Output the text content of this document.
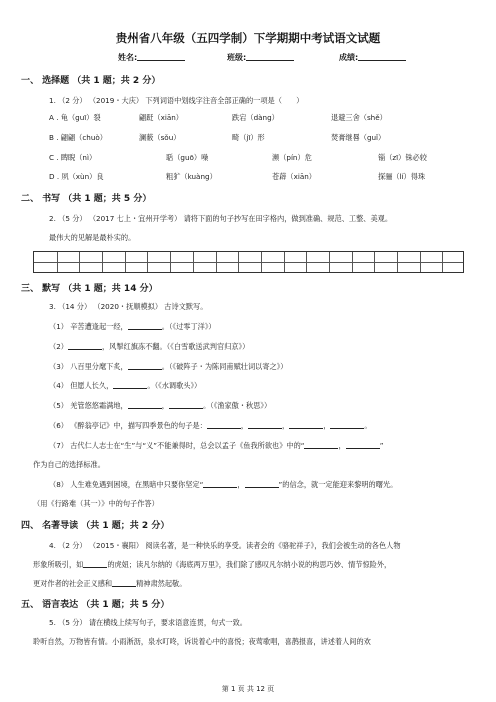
贵州省八年级（五四学制）下学期期中考试语文试题
姓名:	班级:	成绩:
一、 选择题 （共 1 题；共 2 分）
1. （2 分） （2019・大庆） 下列词语中划线字注音全部正确的一项是（　　）
A . 龟（guī）裂	翩跹（xiān）	跌宕（dàng）	退避三舍（shě）
B . 翩翩（chuò）	澜薮（sǒu）	畸（jī）形	焚膏继晷（guǐ）
C . 睥睨（nì）	聒（guō）噪	濒（pín）危	锱（zī）铢必较
D . 夙（xùn）良	粗犷（kuàng）	苍薜（xiān）	探骊（lí）得珠
二、 书写 （共 1 题；共 5 分）
2. （5 分） （2017 七上・宜州开学考） 请将下面的句子抄写在田字格内，做到准确、规范、工整、美观。
最伟大的见解是最朴实的。
三、 默写 （共 1 题；共 14 分）
3. （14 分） （2020・抚顺模拟） 古诗文默写。
（1） 辛苦遭逢起一经，	。（《过零丁洋》）
（2）	，风掣红旗冻不翻。（《白雪歌送武判官归京》）
（3） 八百里分麾下炙，	。（《破阵子・为陈同甫赋壮词以寄之》）
（4） 但愿人长久，	。（《水调歌头》）
（5） 羌管悠悠霜满地，	，	。（《渔家傲・秋思》）
（6） 《醉翁亭记》中，描写四季景色的句子是：	，	，	，	。
（7） 古代仁人志士在“生”与“义”不能兼得时，总会以孟子《鱼我所欲也》中的“	，	”
作为自己的选择标准。
（8） 人生难免遇到困境，在黑暗中只要你坚定“	，	”的信念，就一定能迎来黎明的曙光。
（用《行路难（其一）》中的句子作答）
四、 名著导读 （共 1 题；共 2 分）
4. （2 分） （2015・襄阳） 阅读名著，是一种快乐的享受。读者会的《骆驼祥子》，我们会被生动的各色人物
形象所吸引，如	的虎妞；读凡尔纳的《海底两万里》，我们除了感叹凡尔纳小说的构思巧妙、情节惊险外，
更对作者的社会正义感和	精神肃然起敬。
五、 语言表达 （共 1 题；共 5 分）
5. （5 分） 请在横线上续写句子，要求语意连贯，句式一致。
聆听自然，万物皆有情。小雨淅沥，泉水叮咚，诉说着心中的喜悦；夜莺歌唱，喜鹊报喜，讲述着人间的欢
第 1 页 共 12 页
